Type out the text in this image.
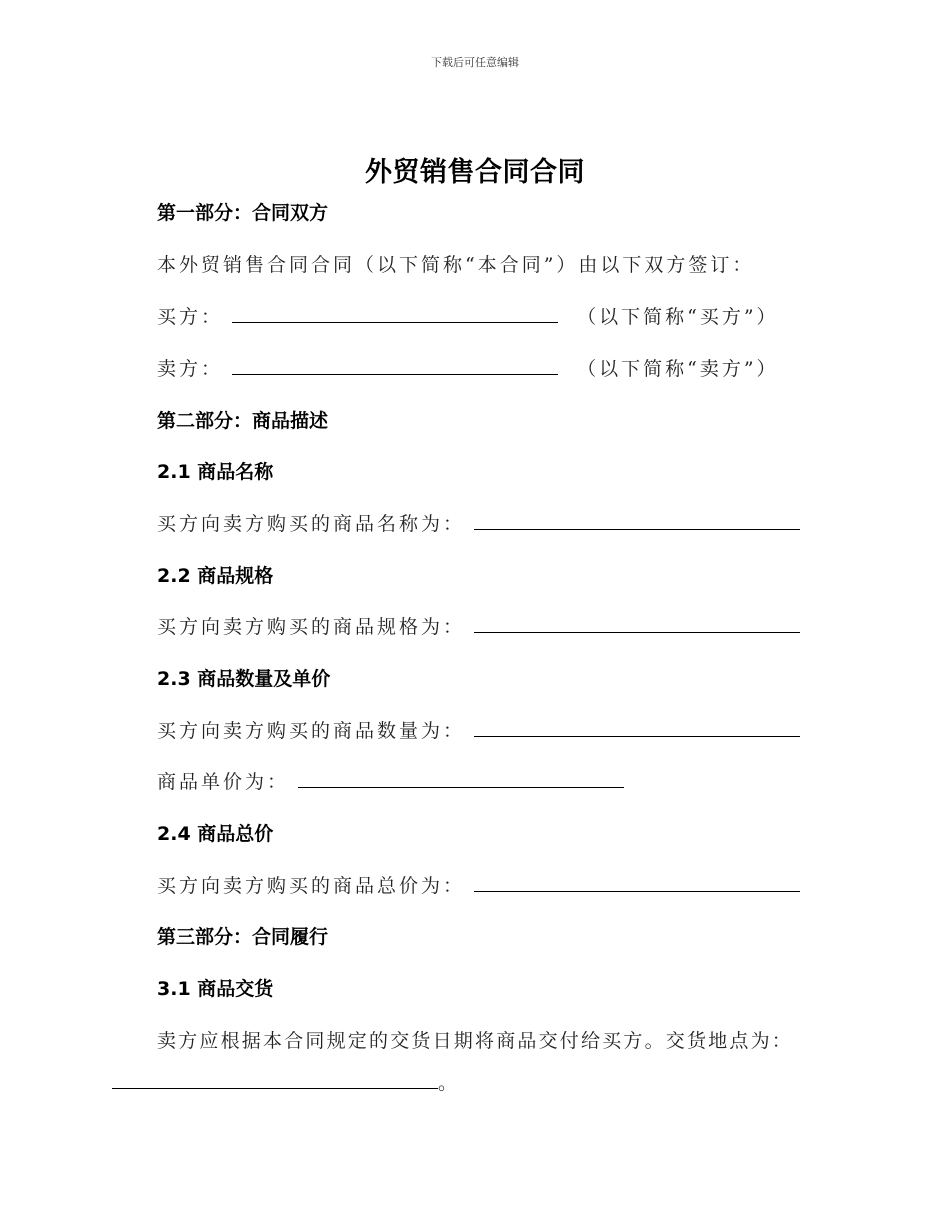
下载后可任意编辑
外贸销售合同合同
第一部分：合同双方
本外贸销售合同合同（以下简称“本合同”）由以下双方签订：
买方：	（以下简称“买方”）
卖方：	（以下简称“卖方”）
第二部分：商品描述
2.1 商品名称
买方向卖方购买的商品名称为：
2.2 商品规格
买方向卖方购买的商品规格为：
2.3 商品数量及单价
买方向卖方购买的商品数量为：
商品单价为：
2.4 商品总价
买方向卖方购买的商品总价为：
第三部分：合同履行
3.1 商品交货
卖方应根据本合同规定的交货日期将商品交付给买方。交货地点为：
。
